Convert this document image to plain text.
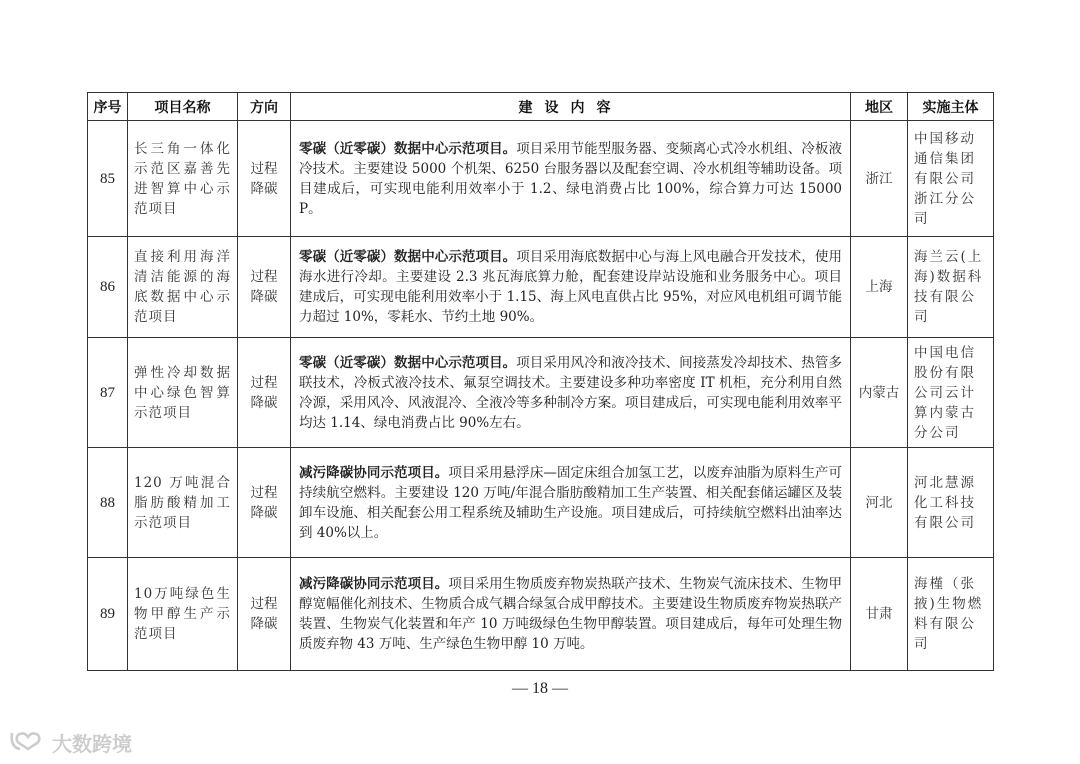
序号	项目名称	方向	建设内容	地区	实施主体
85	长三角一体化示范区嘉善先进智算中心示范项目	过程降碳	零碳（近零碳）数据中心示范项目。项目采用节能型服务器、变频离心式冷水机组、冷板液冷技术。主要建设 5000 个机架、6250 台服务器以及配套空调、冷水机组等辅助设备。项目建成后，可实现电能利用效率小于 1.2、绿电消费占比 100%，综合算力可达 15000P。	浙江	中国移动通信集团有限公司浙江分公司
86	直接利用海洋清洁能源的海底数据中心示范项目	过程降碳	零碳（近零碳）数据中心示范项目。项目采用海底数据中心与海上风电融合开发技术，使用海水进行冷却。主要建设 2.3 兆瓦海底算力舱，配套建设岸站设施和业务服务中心。项目建成后，可实现电能利用效率小于 1.15、海上风电直供占比 95%，对应风电机组可调节能力超过 10%，零耗水、节约土地 90%。	上海	海兰云(上海)数据科技有限公司
87	弹性冷却数据中心绿色智算示范项目	过程降碳	零碳（近零碳）数据中心示范项目。项目采用风冷和液冷技术、间接蒸发冷却技术、热管多联技术，冷板式液冷技术、氟泵空调技术。主要建设多种功率密度 IT 机柜，充分利用自然冷源，采用风冷、风液混冷、全液冷等多种制冷方案。项目建成后，可实现电能利用效率平均达 1.14、绿电消费占比 90%左右。	内蒙古	中国电信股份有限公司云计算内蒙古分公司
88	120 万吨混合脂肪酸精加工示范项目	过程降碳	减污降碳协同示范项目。项目采用悬浮床—固定床组合加氢工艺，以废弃油脂为原料生产可持续航空燃料。主要建设 120 万吨/年混合脂肪酸精加工生产装置、相关配套储运罐区及装卸车设施、相关配套公用工程系统及辅助生产设施。项目建成后，可持续航空燃料出油率达到 40%以上。	河北	河北慧源化工科技有限公司
89	10万吨绿色生物甲醇生产示范项目	过程降碳	减污降碳协同示范项目。项目采用生物质废弃物炭热联产技术、生物炭气流床技术、生物甲醇宽幅催化剂技术、生物质合成气耦合绿氢合成甲醇技术。主要建设生物质废弃物炭热联产装置、生物炭气化装置和年产 10 万吨级绿色生物甲醇装置。项目建成后，每年可处理生物质废弃物 43 万吨、生产绿色生物甲醇 10 万吨。	甘肃	海槿（张掖)生物燃料有限公司
— 18 —
大数跨境
